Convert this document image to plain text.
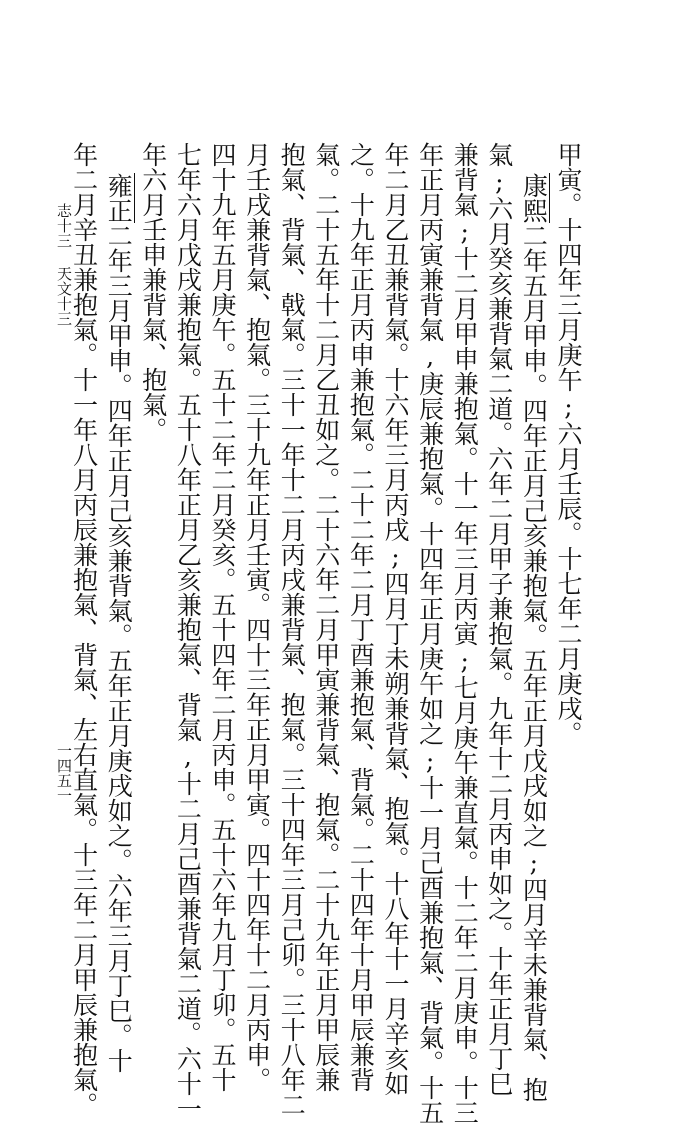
甲寅。十四年三月庚午;六月壬辰。十七年二月庚戌。
康熙二年五月甲申。四年正月己亥兼抱氣。五年正月戊戌如之;四月辛未兼背氣、抱
氣;六月癸亥兼背氣二道。六年二月甲子兼抱氣。九年十二月丙申如之。十年正月丁巳
兼背氣;十二月甲申兼抱氣。十一年三月丙寅;七月庚午兼直氣。十二年二月庚申。十三
年正月丙寅兼背氣,庚辰兼抱氣。十四年正月庚午如之;十一月己酉兼抱氣、背氣。十五
年二月乙丑兼背氣。十六年三月丙戌;四月丁未朔兼背氣、抱氣。十八年十一月辛亥如
之。十九年正月丙申兼抱氣。二十二年二月丁酉兼抱氣、背氣。二十四年十月甲辰兼背
氣。二十五年十二月乙丑如之。二十六年二月甲寅兼背氣、抱氣。二十九年正月甲辰兼
抱氣、背氣、戟氣。三十一年十二月丙戌兼背氣、抱氣。三十四年三月己卯。三十八年二
月壬戌兼背氣、抱氣。三十九年正月壬寅。四十三年正月甲寅。四十四年十二月丙申。
四十九年五月庚午。五十二年二月癸亥。五十四年二月丙申。五十六年九月丁卯。五十
七年六月戊戌兼抱氣。五十八年正月乙亥兼抱氣、背氣,十二月己酉兼背氣二道。六十一
年六月壬申兼背氣、抱氣。
雍正二年三月甲申。四年正月己亥兼背氣。五年正月庚戌如之。六年三月丁巳。十
年二月辛丑兼抱氣。十一年八月丙辰兼抱氣、背氣、左右直氣。十三年二月甲辰兼抱氣。
志十三天文十三
一四五一
